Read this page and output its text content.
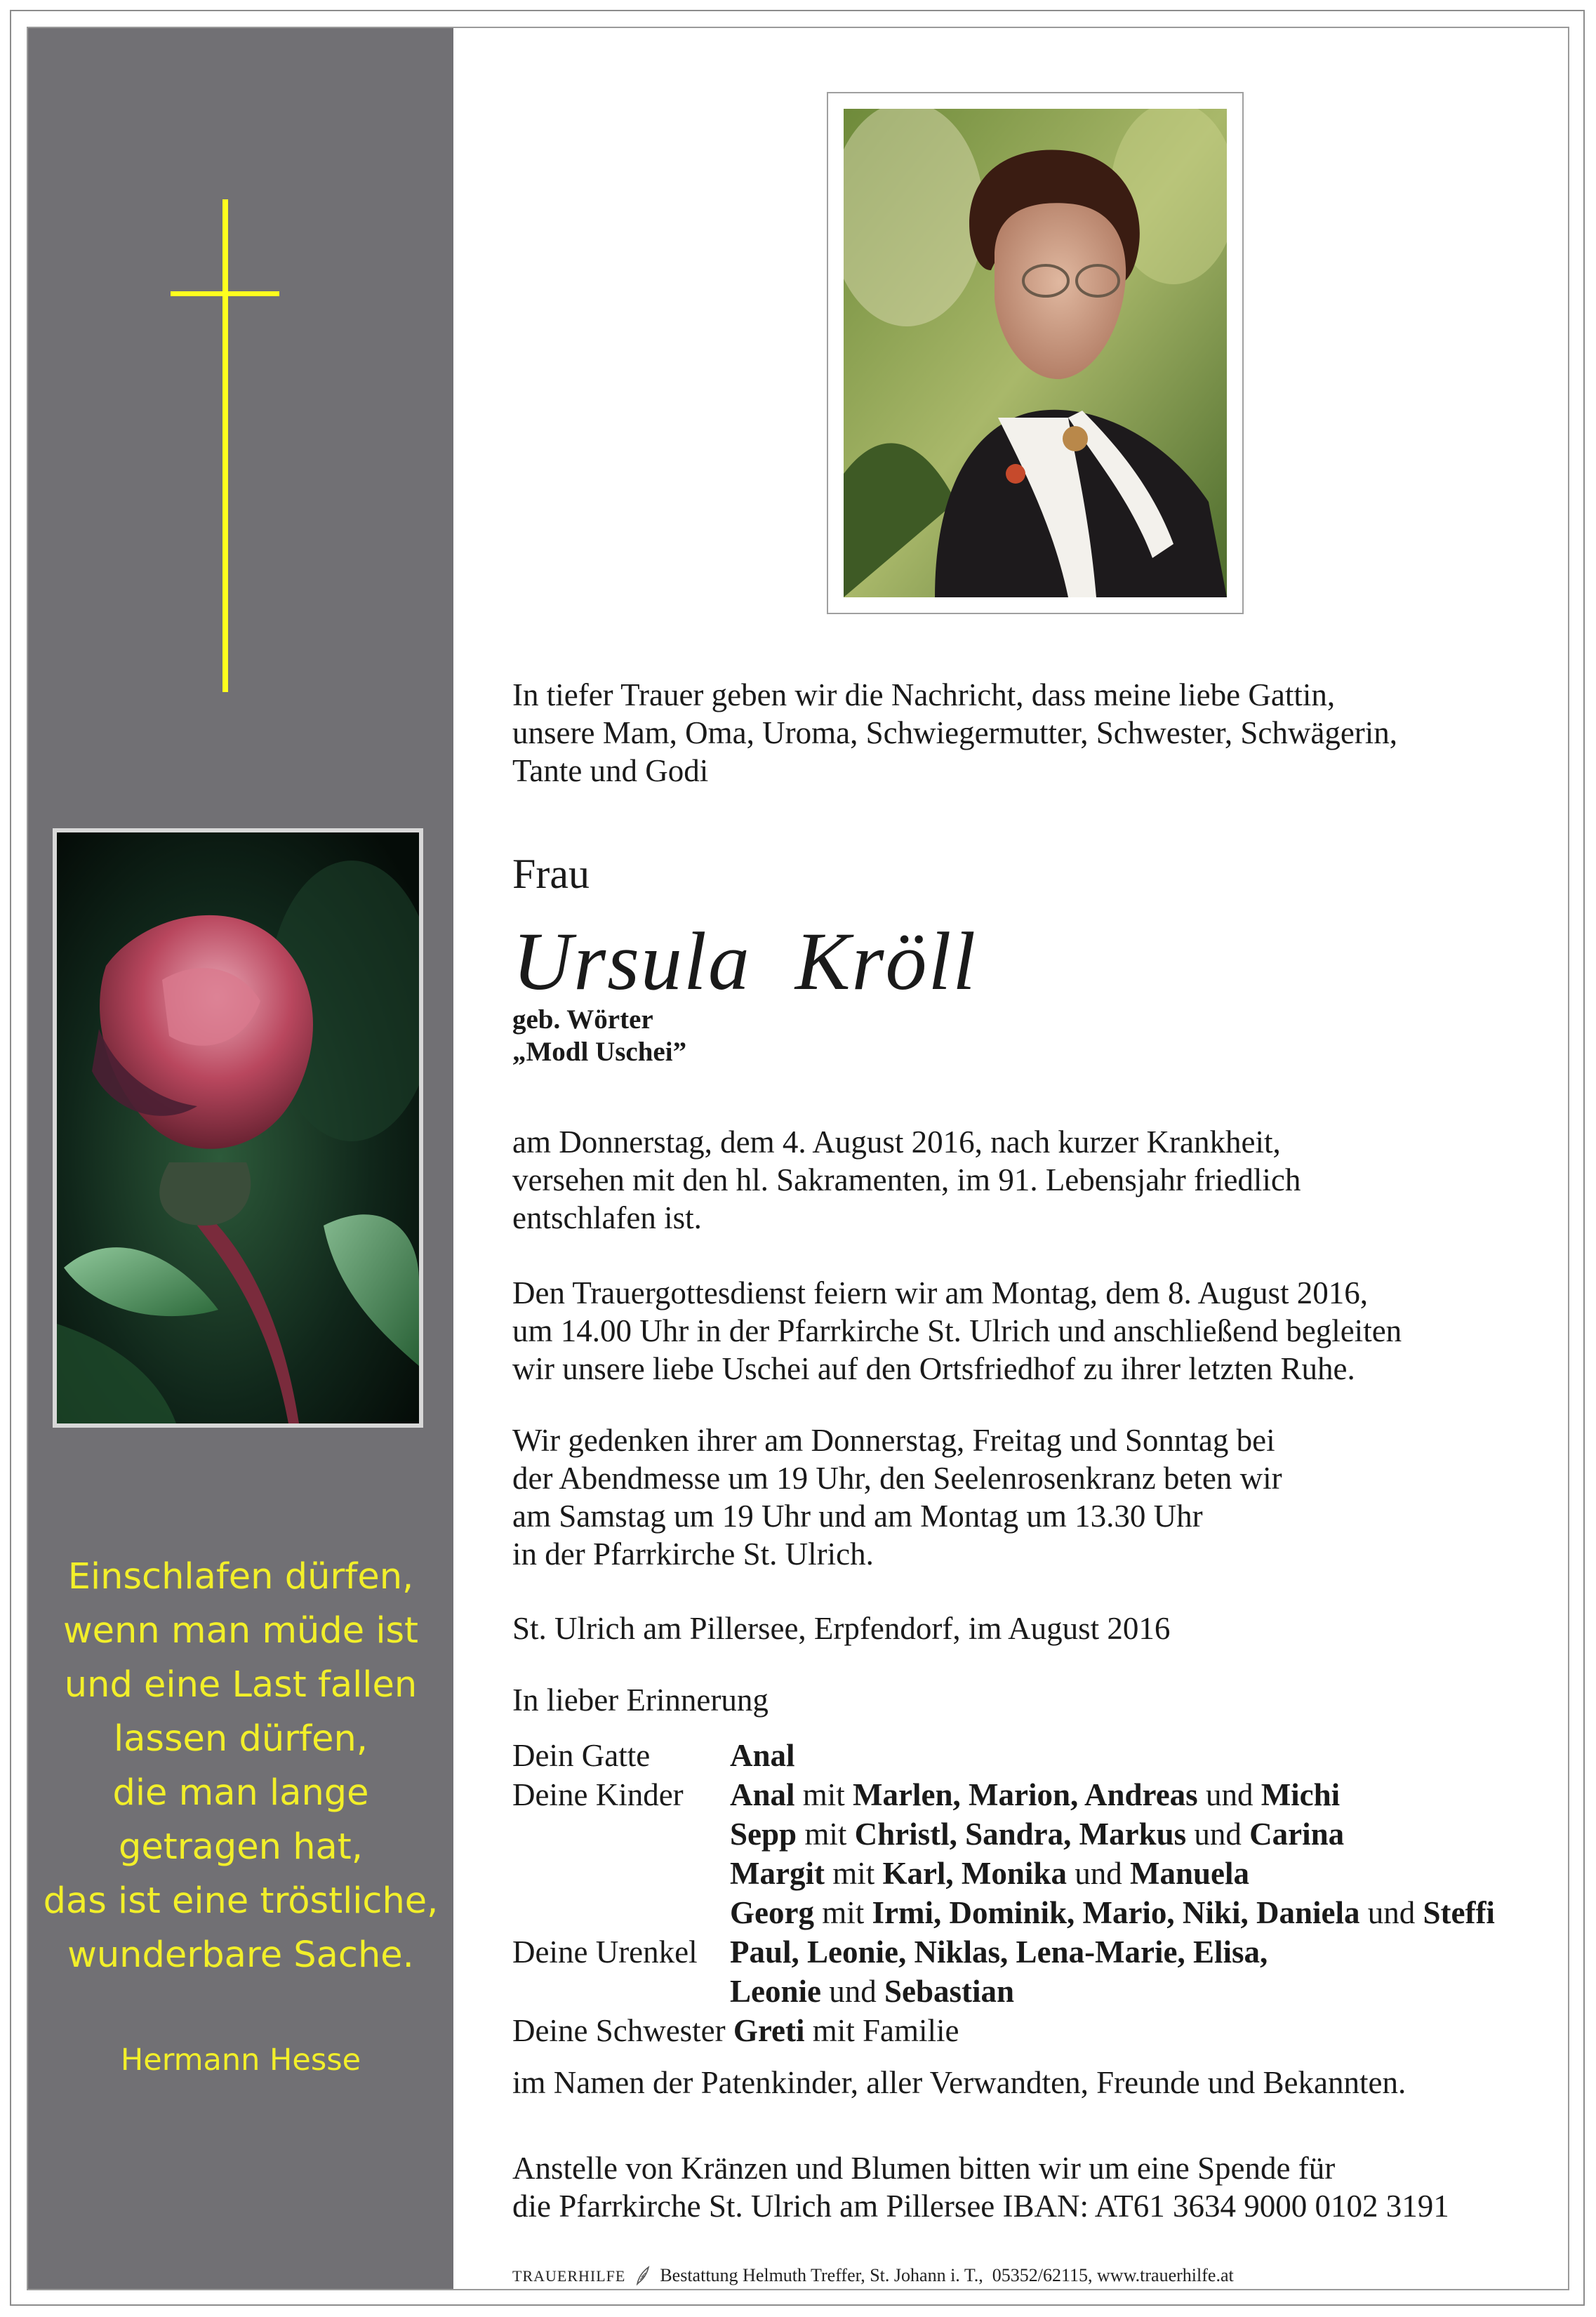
Einschlafen dürfen,
wenn man müde ist
und eine Last fallen
lassen dürfen,
die man lange
getragen hat,
das ist eine tröstliche,
wunderbare Sache.
Hermann Hesse
In tiefer Trauer geben wir die Nachricht, dass meine liebe Gattin,
unsere Mam, Oma, Uroma, Schwiegermutter, Schwester, Schwägerin,
Tante und Godi
Frau
Ursula  Kröll
geb. Wörter
„Modl Uschei”
am Donnerstag, dem 4. August 2016, nach kurzer Krankheit,
versehen mit den hl. Sakramenten, im 91. Lebensjahr friedlich
entschlafen ist.
Den Trauergottesdienst feiern wir am Montag, dem 8. August 2016,
um 14.00 Uhr in der Pfarrkirche St. Ulrich und anschließend begleiten
wir unsere liebe Uschei auf den Ortsfriedhof zu ihrer letzten Ruhe.
Wir gedenken ihrer am Donnerstag, Freitag und Sonntag bei
der Abendmesse um 19 Uhr, den Seelenrosenkranz beten wir
am Samstag um 19 Uhr und am Montag um 13.30 Uhr
in der Pfarrkirche St. Ulrich.
St. Ulrich am Pillersee, Erpfendorf, im August 2016
In lieber Erinnerung
Dein Gatte	Anal
Deine Kinder Anal mit Marlen, Marion, Andreas und Michi
Sepp mit Christl, Sandra, Markus und Carina
Margit mit Karl, Monika und Manuela
Georg mit Irmi, Dominik, Mario, Niki, Daniela und Steffi
Deine Urenkel Paul, Leonie, Niklas, Lena-Marie, Elisa,
Leonie und Sebastian
Deine Schwester Greti mit Familie
im Namen der Patenkinder, aller Verwandten, Freunde und Bekannten.
Anstelle von Kränzen und Blumen bitten wir um eine Spende für
die Pfarrkirche St. Ulrich am Pillersee IBAN: AT61 3634 9000 0102 3191
TRAUERHILFE Bestattung Helmuth Treffer, St. Johann i. T.,  05352/62115, www.trauerhilfe.at
